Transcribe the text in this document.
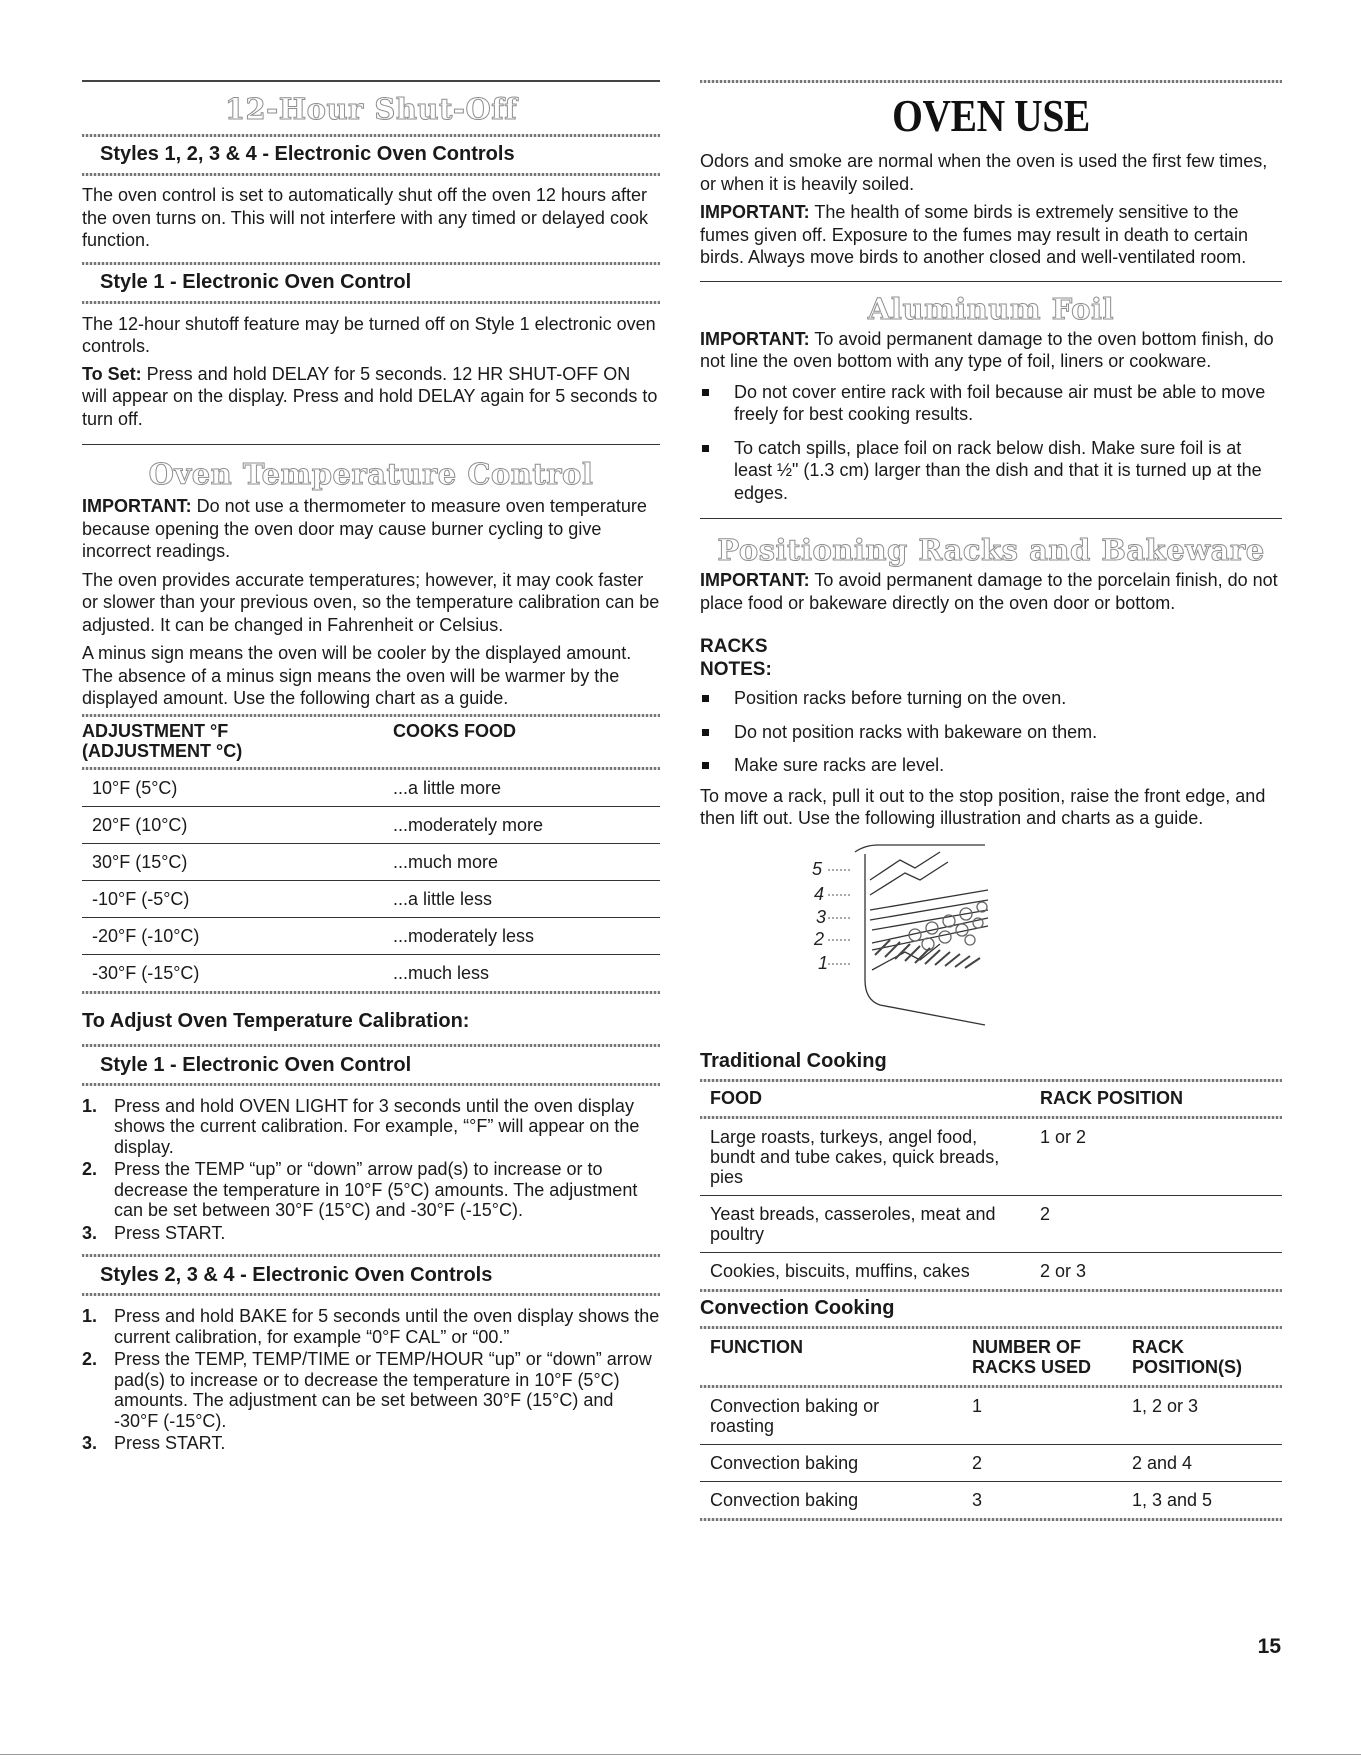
12-Hour Shut-Off
Styles 1, 2, 3 & 4 - Electronic Oven Controls

The oven control is set to automatically shut off the oven 12 hours after the oven turns on. This will not interfere with any timed or delayed cook function.

Style 1 - Electronic Oven Control

The 12-hour shutoff feature may be turned off on Style 1 electronic oven controls.

To Set: Press and hold DELAY for 5 seconds. 12 HR SHUT-OFF ON will appear on the display. Press and hold DELAY again for 5 seconds to turn off.

Oven Temperature Control

IMPORTANT: Do not use a thermometer to measure oven temperature because opening the oven door may cause burner cycling to give incorrect readings.

The oven provides accurate temperatures; however, it may cook faster or slower than your previous oven, so the temperature calibration can be adjusted. It can be changed in Fahrenheit or Celsius.

A minus sign means the oven will be cooler by the displayed amount. The absence of a minus sign means the oven will be warmer by the displayed amount. Use the following chart as a guide.

ADJUSTMENT °F
(ADJUSTMENT °C)
	COOKS FOOD
10°F (5°C)	...a little more
20°F (10°C)	...moderately more
30°F (15°C)	...much more
-10°F (-5°C)	...a little less
-20°F (-10°C)	...moderately less
-30°F (-15°C)	...much less
To Adjust Oven Temperature Calibration:
Style 1 - Electronic Oven Control
1. Press and hold OVEN LIGHT for 3 seconds until the oven display shows the current calibration. For example, “°F” will appear on the display.
2. Press the TEMP “up” or “down” arrow pad(s) to increase or to decrease the temperature in 10°F (5°C) amounts. The adjustment can be set between 30°F (15°C) and -30°F (-15°C).
3. Press START.
Styles 2, 3 & 4 - Electronic Oven Controls
1. Press and hold BAKE for 5 seconds until the oven display shows the current calibration, for example “0°F CAL” or “00.”
2. Press the TEMP, TEMP/TIME or TEMP/HOUR “up” or “down” arrow pad(s) to increase or to decrease the temperature in 10°F (5°C) amounts. The adjustment can be set between 30°F (15°C) and -30°F (-15°C).
3. Press START.
OVEN USE

Odors and smoke are normal when the oven is used the first few times, or when it is heavily soiled.

IMPORTANT: The health of some birds is extremely sensitive to the fumes given off. Exposure to the fumes may result in death to certain birds. Always move birds to another closed and well-ventilated room.

Aluminum Foil

IMPORTANT: To avoid permanent damage to the oven bottom finish, do not line the oven bottom with any type of foil, liners or cookware.

Do not cover entire rack with foil because air must be able to move freely for best cooking results.
To catch spills, place foil on rack below dish. Make sure foil is at least ½" (1.3 cm) larger than the dish and that it is turned up at the edges.
Positioning Racks and Bakeware

IMPORTANT: To avoid permanent damage to the porcelain finish, do not place food or bakeware directly on the oven door or bottom.

RACKS
NOTES:
Position racks before turning on the oven.
Do not position racks with bakeware on them.
Make sure racks are level.

To move a rack, pull it out to the stop position, raise the front edge, and then lift out. Use the following illustration and charts as a guide.

5
4
3
2
1
Traditional Cooking
FOOD	RACK POSITION
Large roasts, turkeys, angel food, bundt and tube cakes, quick breads, pies	1 or 2
Yeast breads, casseroles, meat and poultry	2
Cookies, biscuits, muffins, cakes	2 or 3
Convection Cooking
FUNCTION	NUMBER OF RACKS USED	RACK POSITION(S)
Convection baking or roasting	1	1, 2 or 3
Convection baking	2	2 and 4
Convection baking	3	1, 3 and 5
15
